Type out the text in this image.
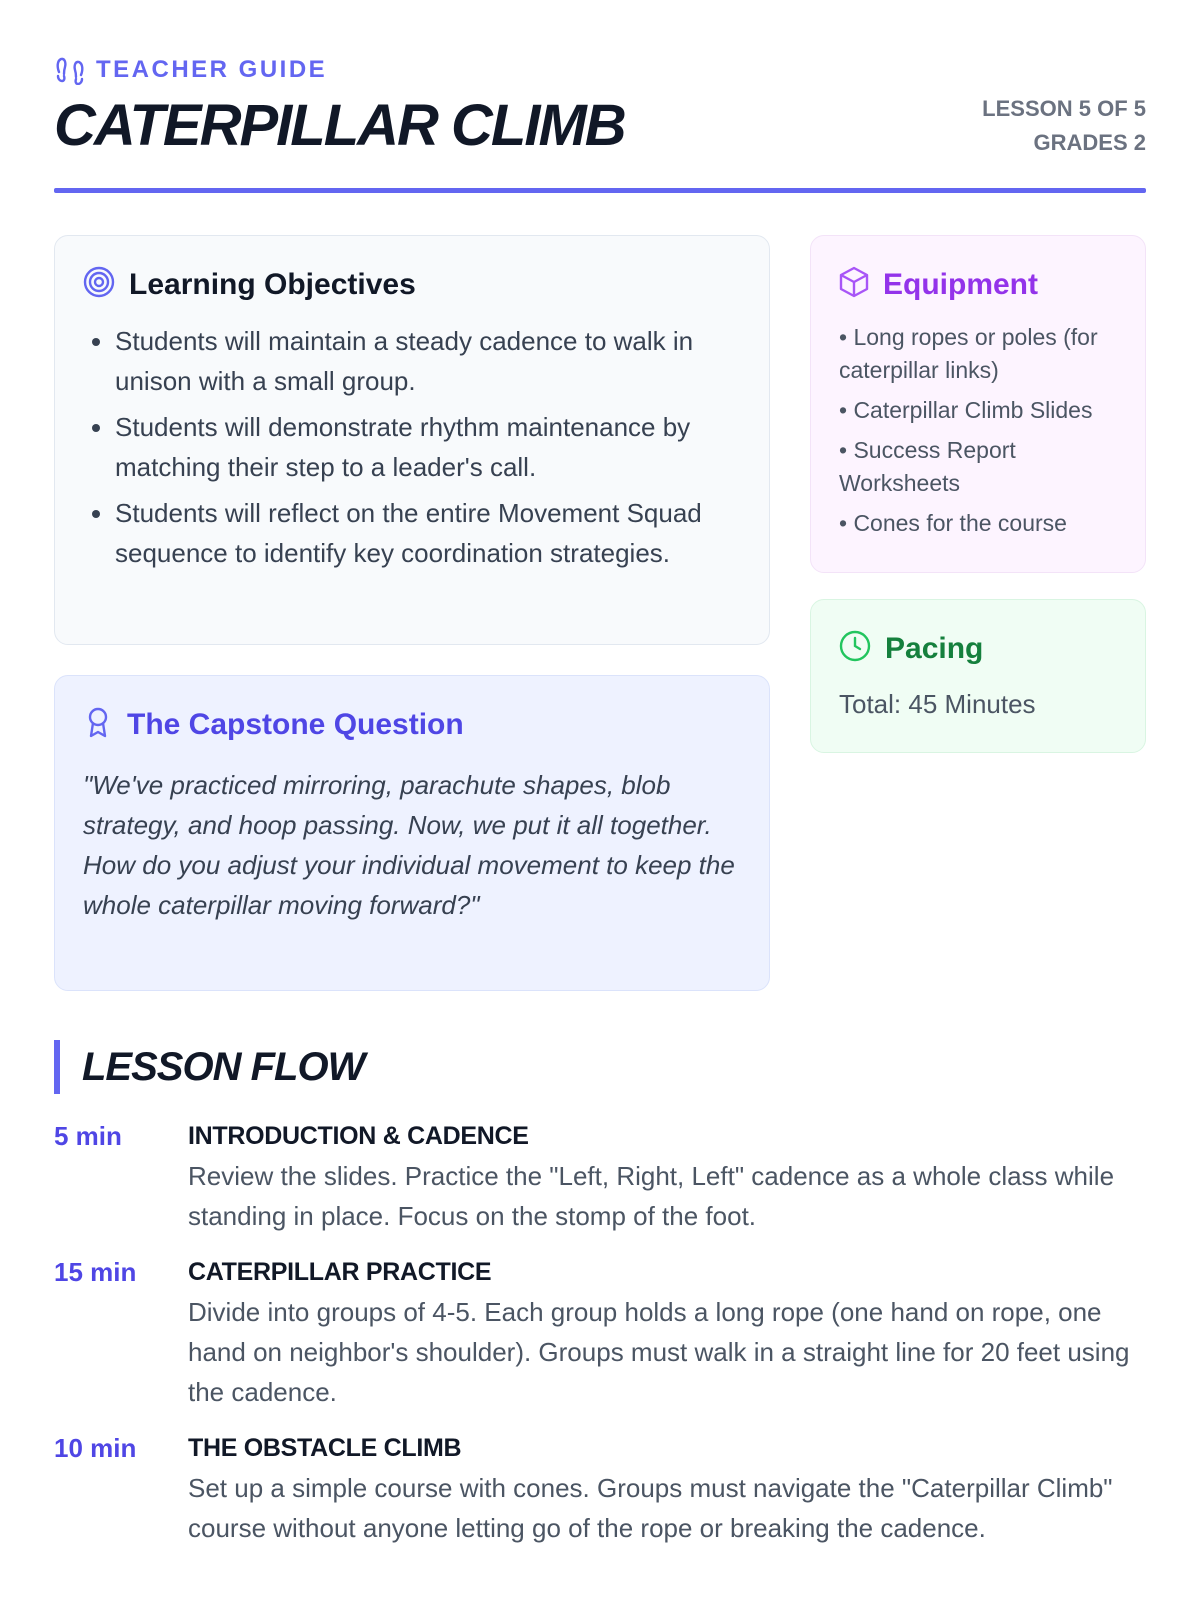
TEACHER GUIDE
CATERPILLAR CLIMB	LESSON 5 OF 5
GRADES 2
Learning Objectives
• Students will maintain a steady cadence to walk in unison with a small group.
• Students will demonstrate rhythm maintenance by matching their step to a leader's call.
• Students will reflect on the entire Movement Squad sequence to identify key coordination strategies.
The Capstone Question
"We've practiced mirroring, parachute shapes, blob strategy, and hoop passing. Now, we put it all together. How do you adjust your individual movement to keep the whole caterpillar moving forward?"
Equipment
• Long ropes or poles (for caterpillar links)
• Caterpillar Climb Slides
• Success Report Worksheets
• Cones for the course
Pacing
Total: 45 Minutes
LESSON FLOW
5 min	INTRODUCTION & CADENCE
Review the slides. Practice the "Left, Right, Left" cadence as a whole class while standing in place. Focus on the stomp of the foot.
15 min	CATERPILLAR PRACTICE
Divide into groups of 4-5. Each group holds a long rope (one hand on rope, one hand on neighbor's shoulder). Groups must walk in a straight line for 20 feet using the cadence.
10 min	THE OBSTACLE CLIMB
Set up a simple course with cones. Groups must navigate the "Caterpillar Climb" course without anyone letting go of the rope or breaking the cadence.
